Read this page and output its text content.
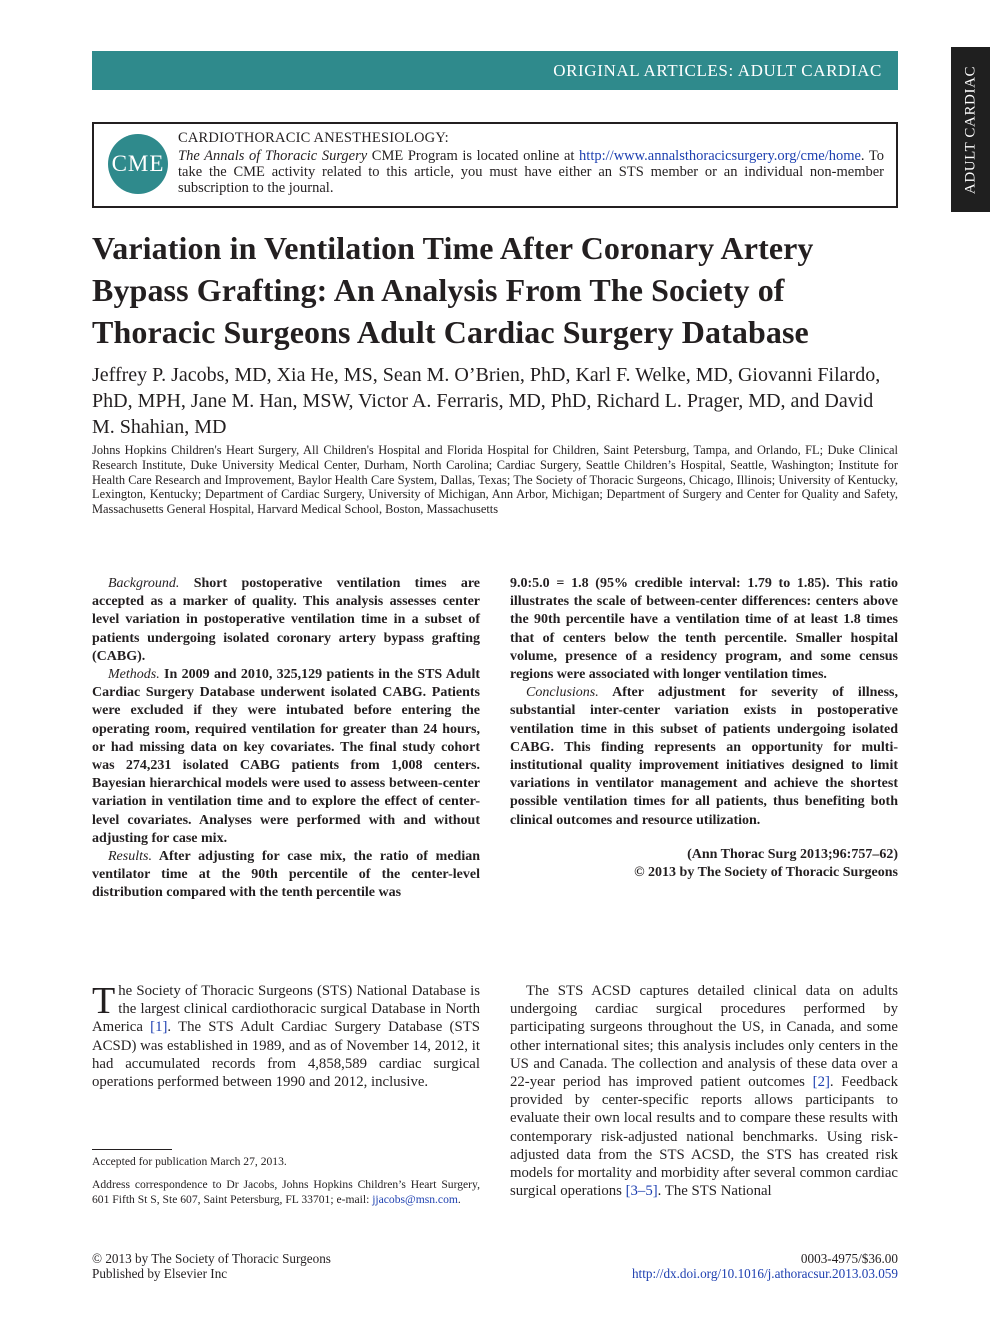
ORIGINAL ARTICLES: ADULT CARDIAC	ADULT CARDIAC
CME
CARDIOTHORACIC ANESTHESIOLOGY:
The Annals of Thoracic Surgery CME Program is located online at http://www.annalsthoracicsurgery.org/cme/home. To take the CME activity related to this article, you must have either an STS member or an individual non-member subscription to the journal.
Variation in Ventilation Time After Coronary Artery Bypass Grafting: An Analysis From The Society of Thoracic Surgeons Adult Cardiac Surgery Database
Jeffrey P. Jacobs, MD, Xia He, MS, Sean M. O’Brien, PhD, Karl F. Welke, MD, Giovanni Filardo, PhD, MPH, Jane M. Han, MSW, Victor A. Ferraris, MD, PhD, Richard L. Prager, MD, and David M. Shahian, MD
Johns Hopkins Children's Heart Surgery, All Children's Hospital and Florida Hospital for Children, Saint Petersburg, Tampa, and Orlando, FL; Duke Clinical Research Institute, Duke University Medical Center, Durham, North Carolina; Cardiac Surgery, Seattle Children’s Hospital, Seattle, Washington; Institute for Health Care Research and Improvement, Baylor Health Care System, Dallas, Texas; The Society of Thoracic Surgeons, Chicago, Illinois; University of Kentucky, Lexington, Kentucky; Department of Cardiac Surgery, University of Michigan, Ann Arbor, Michigan; Department of Surgery and Center for Quality and Safety, Massachusetts General Hospital, Harvard Medical School, Boston, Massachusetts

Background. Short postoperative ventilation times are accepted as a marker of quality. This analysis assesses center level variation in postoperative ventilation time in a subset of patients undergoing isolated coronary artery bypass grafting (CABG).

Methods. In 2009 and 2010, 325,129 patients in the STS Adult Cardiac Surgery Database underwent isolated CABG. Patients were excluded if they were intubated before entering the operating room, required ventilation for greater than 24 hours, or had missing data on key covariates. The final study cohort was 274,231 isolated CABG patients from 1,008 centers. Bayesian hierarchical models were used to assess between-center variation in ventilation time and to explore the effect of center-level covariates. Analyses were performed with and without adjusting for case mix.

Results. After adjusting for case mix, the ratio of median ventilator time at the 90th percentile of the center-level distribution compared with the tenth percentile was

9.0:5.0 = 1.8 (95% credible interval: 1.79 to 1.85). This ratio illustrates the scale of between-center differences: centers above the 90th percentile have a ventilation time of at least 1.8 times that of centers below the tenth percentile. Smaller hospital volume, presence of a residency program, and some census regions were associated with longer ventilation times.

Conclusions. After adjustment for severity of illness, substantial inter-center variation exists in postoperative ventilation time in this subset of patients undergoing isolated CABG. This finding represents an opportunity for multi-institutional quality improvement initiatives designed to limit variations in ventilator management and achieve the shortest possible ventilation times for all patients, thus benefiting both clinical outcomes and resource utilization.

(Ann Thorac Surg 2013;96:757–62)
© 2013 by The Society of Thoracic Surgeons

The Society of Thoracic Surgeons (STS) National Database is the largest clinical cardiothoracic surgical Database in North America [1]. The STS Adult Cardiac Surgery Database (STS ACSD) was established in 1989, and as of November 14, 2012, it had accumulated records from 4,858,589 cardiac surgical operations performed between 1990 and 2012, inclusive.

The STS ACSD captures detailed clinical data on adults undergoing cardiac surgical procedures performed by participating surgeons throughout the US, in Canada, and some other international sites; this analysis includes only centers in the US and Canada. The collection and analysis of these data over a 22-year period has improved patient outcomes [2]. Feedback provided by center-specific reports allows participants to evaluate their own local results and to compare these results with contemporary risk-adjusted national benchmarks. Using risk-adjusted data from the STS ACSD, the STS has created risk models for mortality and morbidity after several common cardiac surgical operations [3–5]. The STS National

Accepted for publication March 27, 2013.

Address correspondence to Dr Jacobs, Johns Hopkins Children’s Heart Surgery, 601 Fifth St S, Ste 607, Saint Petersburg, FL 33701; e-mail: jjacobs@msn.com.

© 2013 by The Society of Thoracic Surgeons
Published by Elsevier Inc
0003-4975/$36.00
http://dx.doi.org/10.1016/j.athoracsur.2013.03.059
